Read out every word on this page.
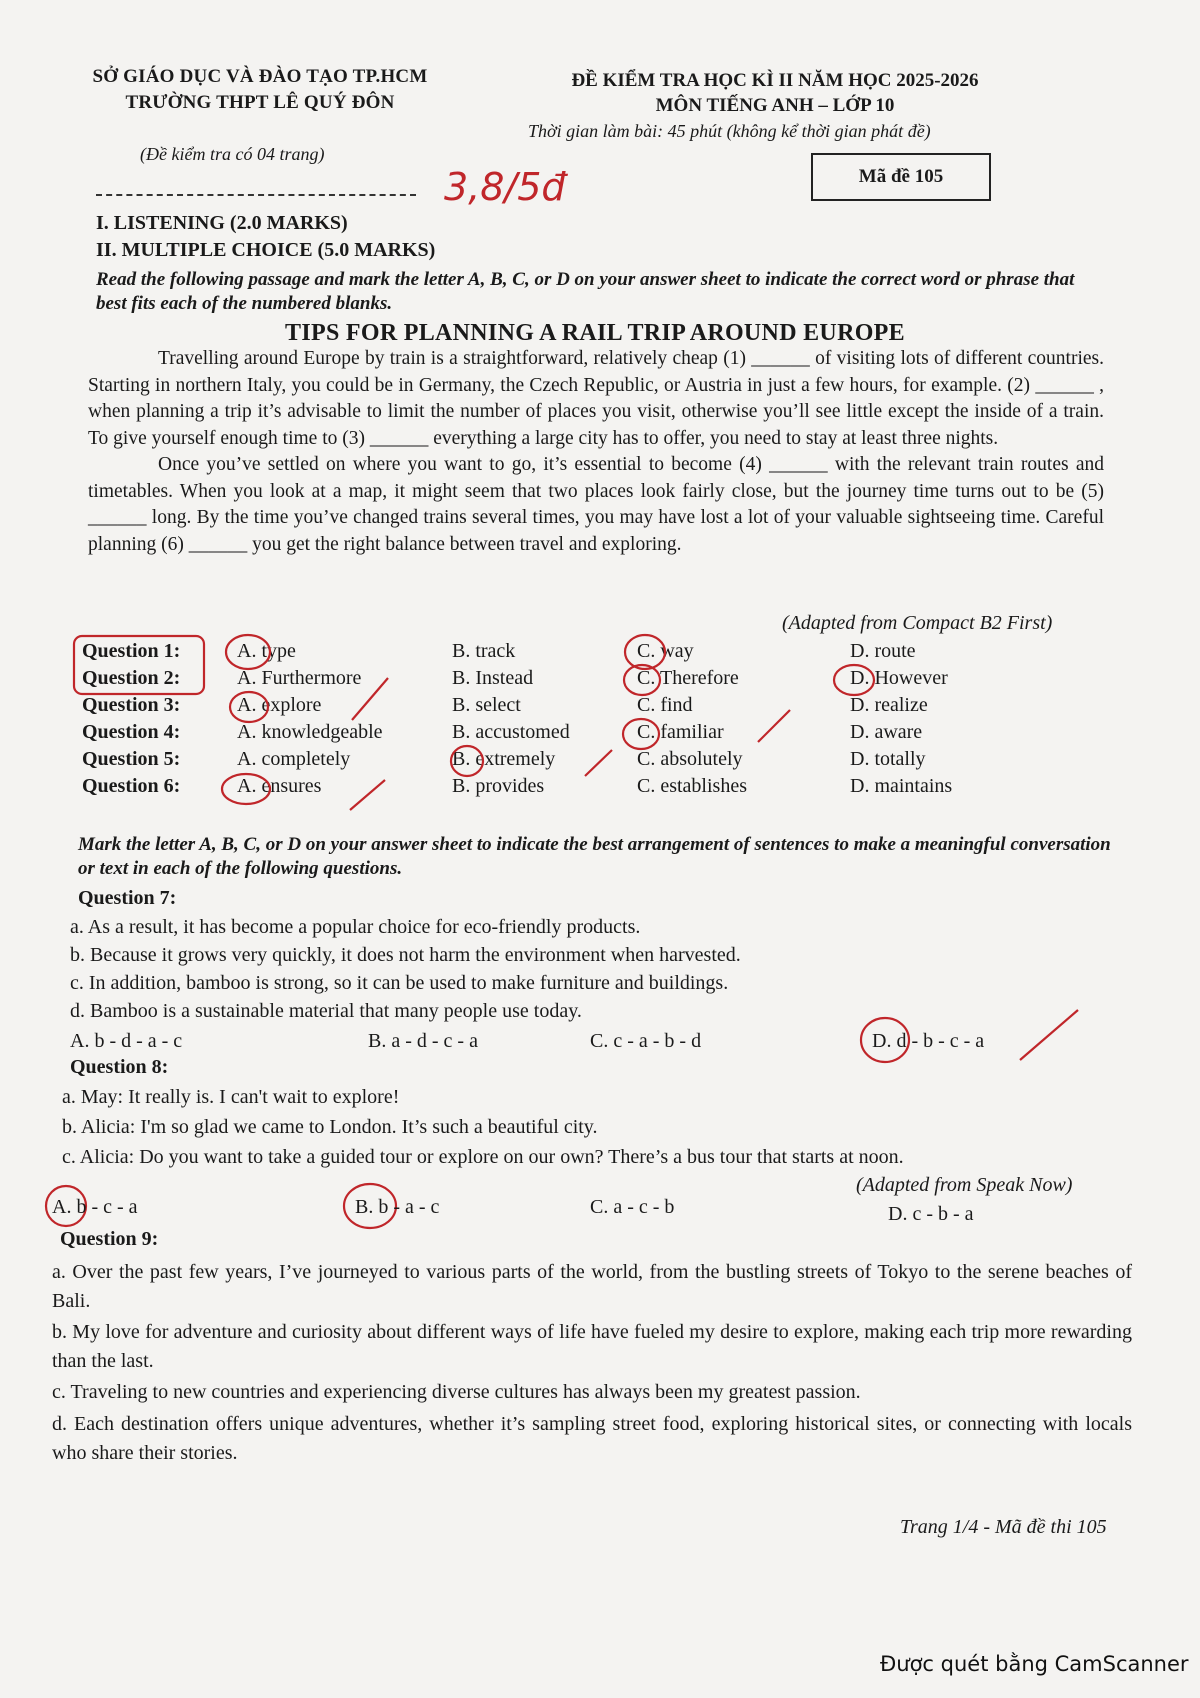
SỞ GIÁO DỤC VÀ ĐÀO TẠO TP.HCM
TRƯỜNG THPT LÊ QUÝ ĐÔN
(Đề kiểm tra có 04 trang)
ĐỀ KIỂM TRA HỌC KÌ II NĂM HỌC 2025-2026
MÔN TIẾNG ANH – LỚP 10
Thời gian làm bài: 45 phút (không kể thời gian phát đề)
Mã đề 105
3,8/5đ
I. LISTENING (2.0 MARKS)
II. MULTIPLE CHOICE (5.0 MARKS)
Read the following passage and mark the letter A, B, C, or D on your answer sheet to indicate the correct word or phrase that best fits each of the numbered blanks.
TIPS FOR PLANNING A RAIL TRIP AROUND EUROPE

Travelling around Europe by train is a straightforward, relatively cheap (1) ______ of visiting lots of different countries. Starting in northern Italy, you could be in Germany, the Czech Republic, or Austria in just a few hours, for example. (2) ______ , when planning a trip it’s advisable to limit the number of places you visit, otherwise you’ll see little except the inside of a train. To give yourself enough time to (3) ______ everything a large city has to offer, you need to stay at least three nights.

Once you’ve settled on where you want to go, it’s essential to become (4) ______ with the relevant train routes and timetables. When you look at a map, it might seem that two places look fairly close, but the journey time turns out to be (5) ______ long. By the time you’ve changed trains several times, you may have lost a lot of your valuable sightseeing time. Careful planning (6) ______ you get the right balance between travel and exploring.

(Adapted from Compact B2 First)
Question 1:	A. type	B. track	C. way	D. route
Question 2:	A. Furthermore	B. Instead	C. Therefore	D. However
Question 3:	A. explore	B. select	C. find	D. realize
Question 4:	A. knowledgeable	B. accustomed	C. familiar	D. aware
Question 5:	A. completely	B. extremely	C. absolutely	D. totally
Question 6:	A. ensures	B. provides	C. establishes	D. maintains
Mark the letter A, B, C, or D on your answer sheet to indicate the best arrangement of sentences to make a meaningful conversation or text in each of the following questions.
Question 7:
a. As a result, it has become a popular choice for eco-friendly products.
b. Because it grows very quickly, it does not harm the environment when harvested.
c. In addition, bamboo is strong, so it can be used to make furniture and buildings.
d. Bamboo is a sustainable material that many people use today.
A. b - d - a - c	B. a - d - c - a	C. c - a - b - d	D. d - b - c - a
Question 8:
a. May: It really is. I can't wait to explore!
b. Alicia: I'm so glad we came to London. It’s such a beautiful city.
c. Alicia: Do you want to take a guided tour or explore on our own? There’s a bus tour that starts at noon.
(Adapted from Speak Now)
A. b - c - a	B. b - a - c	C. a - c - b	D. c - b - a
Question 9:
a. Over the past few years, I’ve journeyed to various parts of the world, from the bustling streets of Tokyo to the serene beaches of Bali.
b. My love for adventure and curiosity about different ways of life have fueled my desire to explore, making each trip more rewarding than the last.
c. Traveling to new countries and experiencing diverse cultures has always been my greatest passion.
d. Each destination offers unique adventures, whether it’s sampling street food, exploring historical sites, or connecting with locals who share their stories.
Trang 1/4 - Mã đề thi 105
Được quét bằng CamScanner
